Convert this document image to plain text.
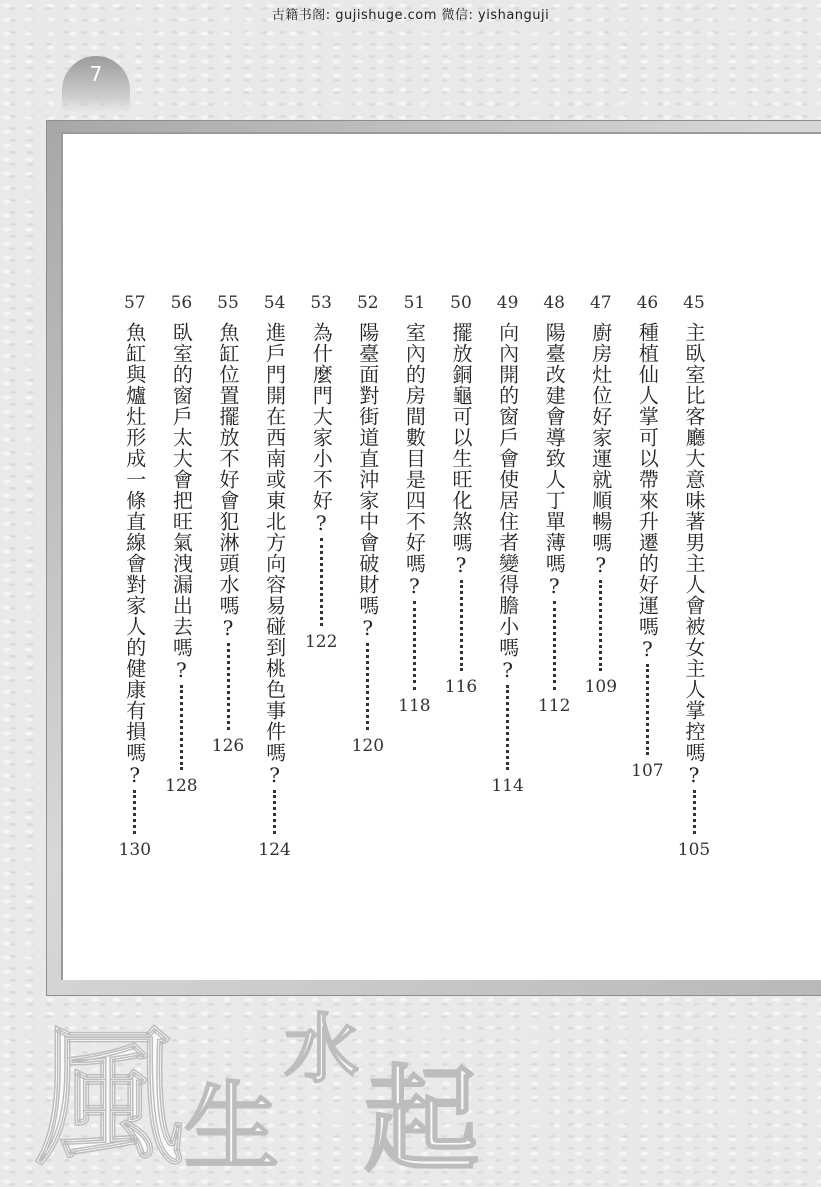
古籍书阁: gujishuge.com 微信: yishanguji
7
45
主臥室比客廳大意味著男主人會被女主人掌控嗎?
105
46
種植仙人掌可以帶來升遷的好運嗎?
107
47
廚房灶位好家運就順暢嗎?
109
48
陽臺改建會導致人丁單薄嗎?
112
49
向內開的窗戶會使居住者變得膽小嗎?
114
50
擺放銅龜可以生旺化煞嗎?
116
51
室內的房間數目是四不好嗎?
118
52
陽臺面對街道直沖家中會破財嗎?
120
53
為什麼門大家小不好?
122
54
進戶門開在西南或東北方向容易碰到桃色事件嗎?
124
55
魚缸位置擺放不好會犯淋頭水嗎?
126
56
臥室的窗戶太大會把旺氣洩漏出去嗎?
128
57
魚缸與爐灶形成一條直線會對家人的健康有損嗎?
130
風 生
水
起
